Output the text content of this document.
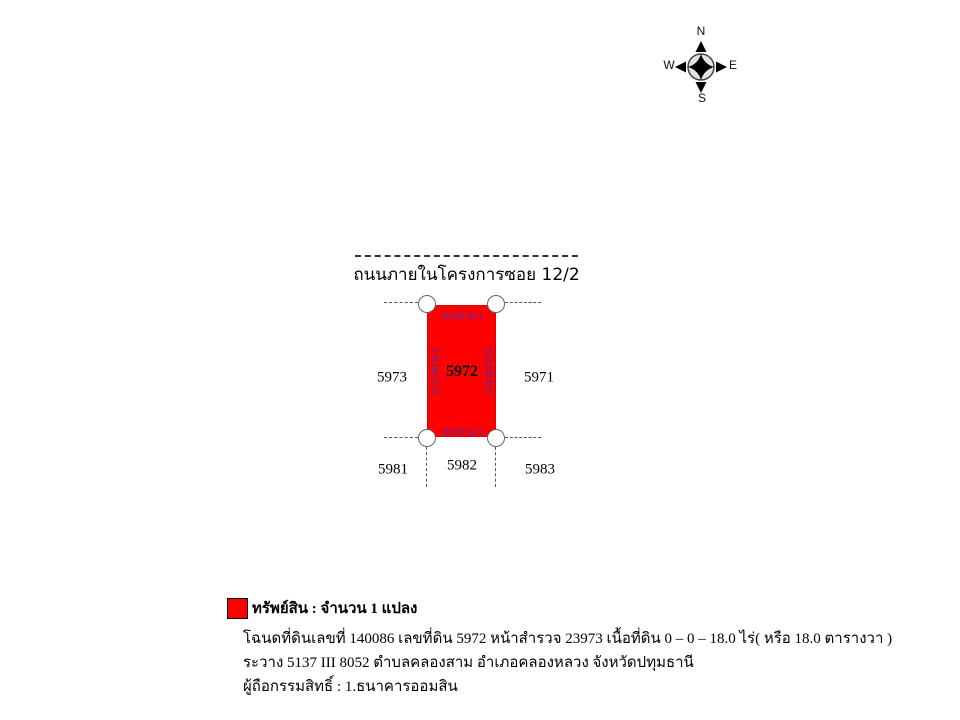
N
W	E
S
ถนนภายในโครงการซอย 12/2
(6.00 ม.)
(6.00 ม.)
(12.00 ม.)	(12.00 ม.)
5972
5973	5971
5981	5982	5983
ทรัพย์สิน : จำนวน 1 แปลง
โฉนดที่ดินเลขที่ 140086 เลขที่ดิน 5972 หน้าสำรวจ 23973 เนื้อที่ดิน 0 – 0 – 18.0 ไร่( หรือ 18.0 ตารางวา )
ระวาง 5137 III 8052 ตำบลคลองสาม อำเภอคลองหลวง จังหวัดปทุมธานี
ผู้ถือกรรมสิทธิ์ : 1.ธนาคารออมสิน
